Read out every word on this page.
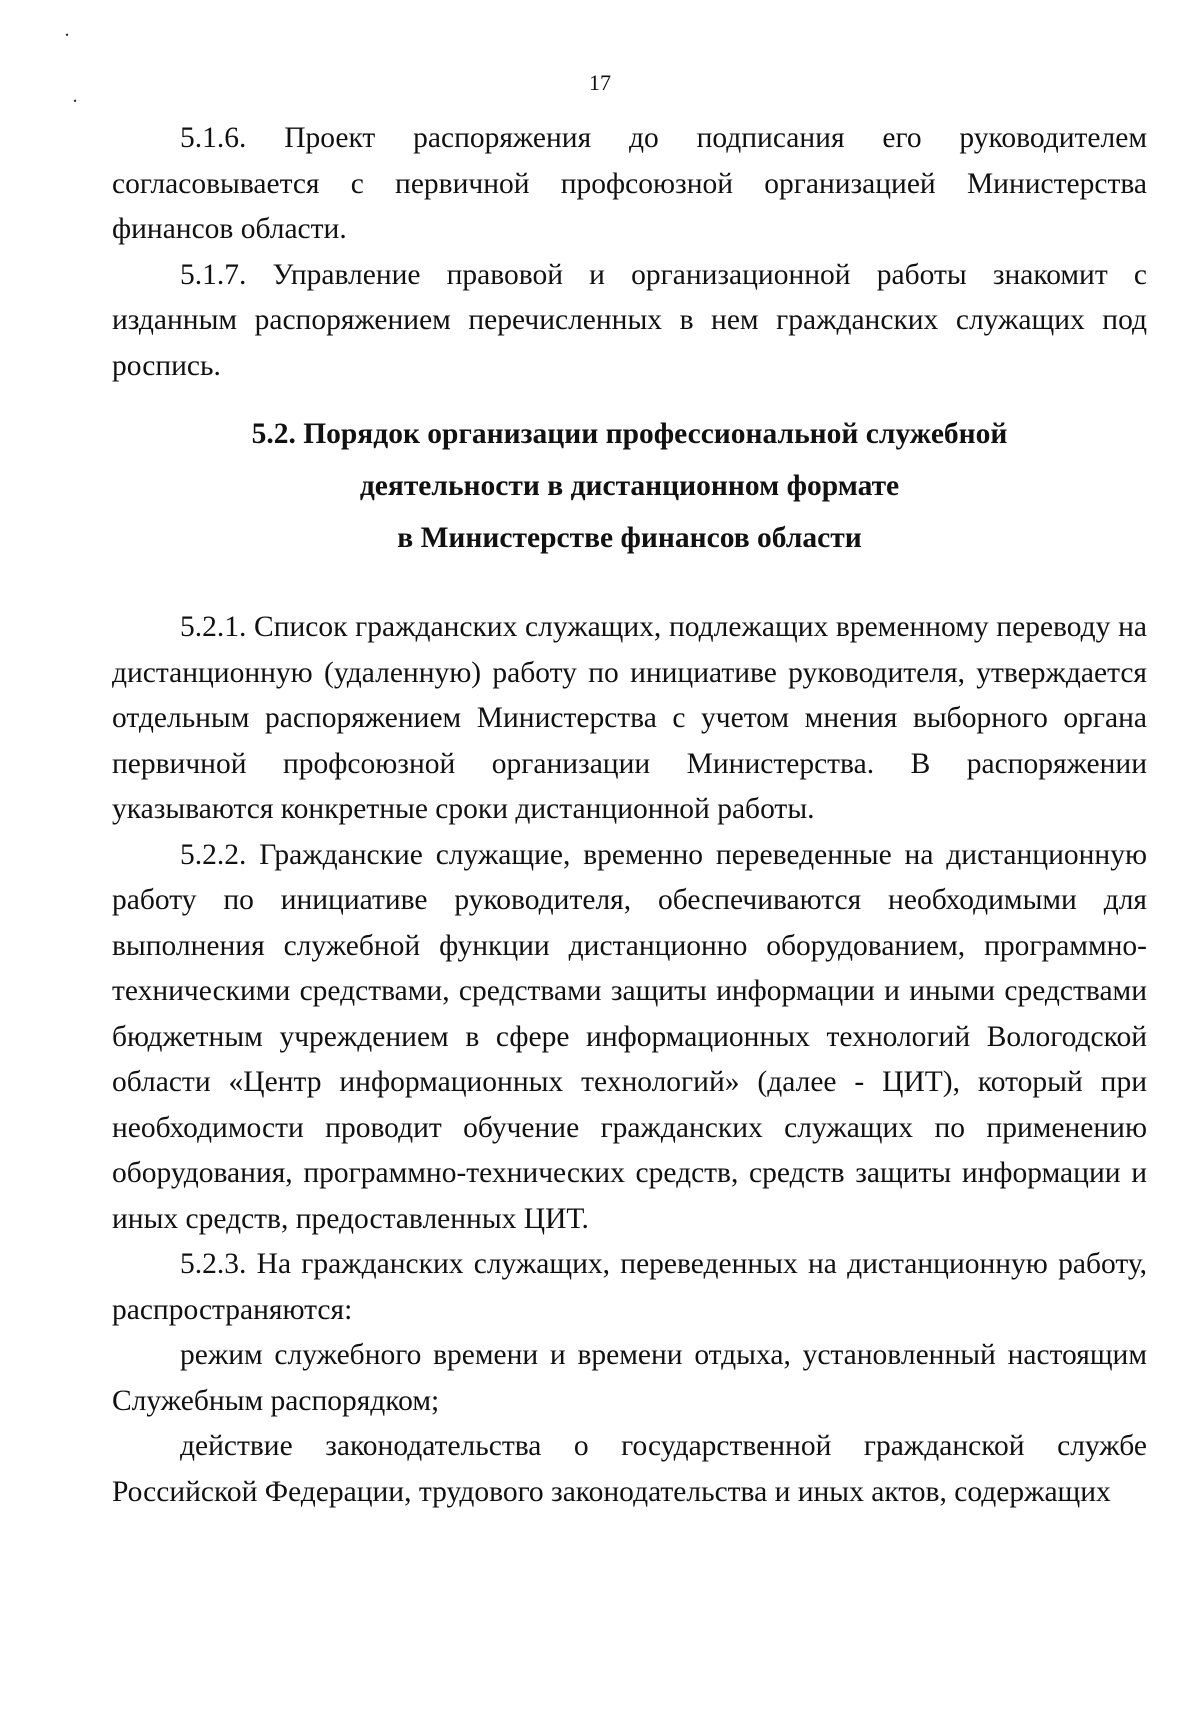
˙
˙
17

5.1.6. Проект распоряжения до подписания его руководителем согласовывается с первичной профсоюзной организацией Министерства финансов области.

5.1.7. Управление правовой и организационной работы знакомит с изданным распоряжением перечисленных в нем гражданских служащих под роспись.

5.2. Порядок организации профессиональной служебной
деятельности в дистанционном формате
в Министерстве финансов области

5.2.1. Список гражданских служащих, подлежащих временному переводу на дистанционную (удаленную) работу по инициативе руководителя, утверждается отдельным распоряжением Министерства с учетом мнения выборного органа первичной профсоюзной организации Министерства. В распоряжении указываются конкретные сроки дистанционной работы.

5.2.2. Гражданские служащие, временно переведенные на дистанционную работу по инициативе руководителя, обеспечиваются необходимыми для выполнения служебной функции дистанционно оборудованием, программно-техническими средствами, средствами защиты информации и иными средствами бюджетным учреждением в сфере информационных технологий Вологодской области «Центр информационных технологий» (далее - ЦИТ), который при необходимости проводит обучение гражданских служащих по применению оборудования, программно-технических средств, средств защиты информации и иных средств, предоставленных ЦИТ.

5.2.3. На гражданских служащих, переведенных на дистанционную работу, распространяются:

режим служебного времени и времени отдыха, установленный настоящим Служебным распорядком;

действие законодательства о государственной гражданской службе Российской Федерации, трудового законодательства и иных актов, содержащих
